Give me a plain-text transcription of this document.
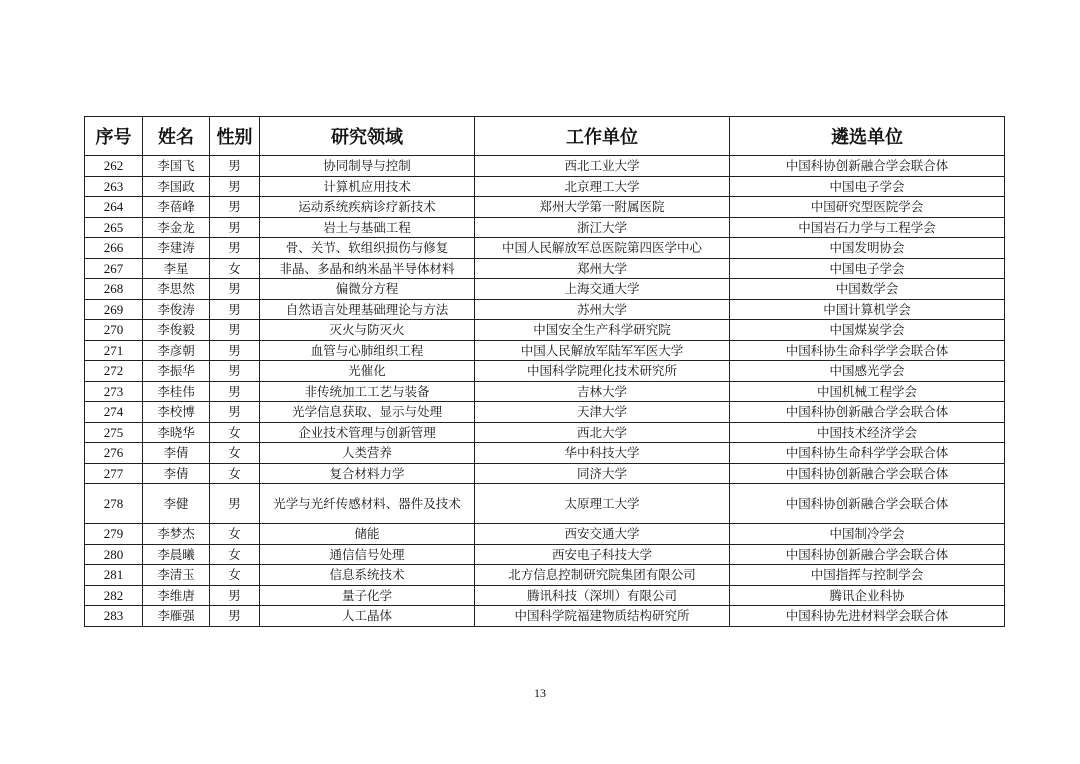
序号	姓名	性别	研究领域	工作单位	遴选单位
262	李国飞	男	协同制导与控制	西北工业大学	中国科协创新融合学会联合体
263	李国政	男	计算机应用技术	北京理工大学	中国电子学会
264	李蓓峰	男	运动系统疾病诊疗新技术	郑州大学第一附属医院	中国研究型医院学会
265	李金龙	男	岩土与基础工程	浙江大学	中国岩石力学与工程学会
266	李建涛	男	骨、关节、软组织损伤与修复	中国人民解放军总医院第四医学中心	中国发明协会
267	李星	女	非晶、多晶和纳米晶半导体材料	郑州大学	中国电子学会
268	李思然	男	偏微分方程	上海交通大学	中国数学会
269	李俊涛	男	自然语言处理基础理论与方法	苏州大学	中国计算机学会
270	李俊毅	男	灭火与防灭火	中国安全生产科学研究院	中国煤炭学会
271	李彦朝	男	血管与心肺组织工程	中国人民解放军陆军军医大学	中国科协生命科学学会联合体
272	李振华	男	光催化	中国科学院理化技术研究所	中国感光学会
273	李桂伟	男	非传统加工工艺与装备	吉林大学	中国机械工程学会
274	李校博	男	光学信息获取、显示与处理	天津大学	中国科协创新融合学会联合体
275	李晓华	女	企业技术管理与创新管理	西北大学	中国技术经济学会
276	李倩	女	人类营养	华中科技大学	中国科协生命科学学会联合体
277	李倩	女	复合材料力学	同济大学	中国科协创新融合学会联合体
278	李健	男	光学与光纤传感材料、器件及技术	太原理工大学	中国科协创新融合学会联合体
279	李梦杰	女	储能	西安交通大学	中国制冷学会
280	李晨曦	女	通信信号处理	西安电子科技大学	中国科协创新融合学会联合体
281	李清玉	女	信息系统技术	北方信息控制研究院集团有限公司	中国指挥与控制学会
282	李维唐	男	量子化学	腾讯科技（深圳）有限公司	腾讯企业科协
283	李雁强	男	人工晶体	中国科学院福建物质结构研究所	中国科协先进材料学会联合体
13
